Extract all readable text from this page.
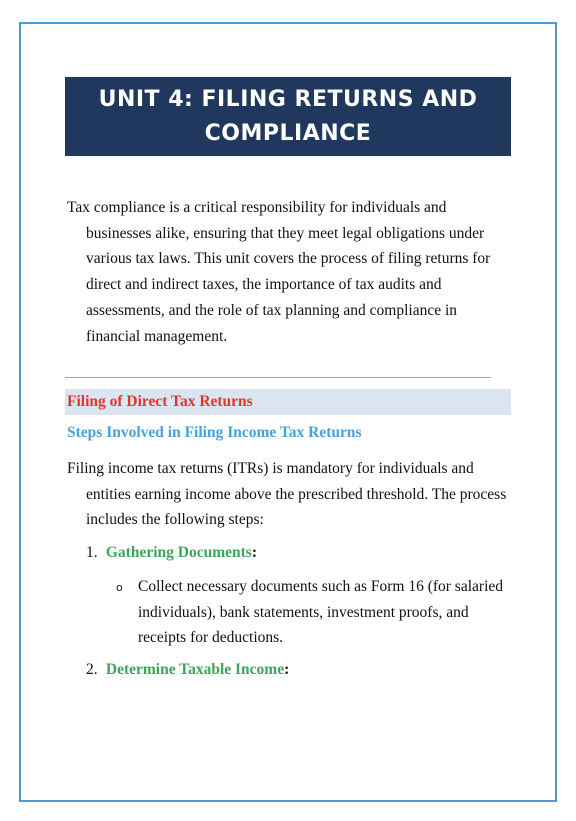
UNIT 4: FILING RETURNS AND COMPLIANCE

Tax compliance is a critical responsibility for individuals and businesses alike, ensuring that they meet legal obligations under various tax laws. This unit covers the process of filing returns for direct and indirect taxes, the importance of tax audits and assessments, and the role of tax planning and compliance in financial management.

Filing of Direct Tax Returns
Steps Involved in Filing Income Tax Returns

Filing income tax returns (ITRs) is mandatory for individuals and entities earning income above the prescribed threshold. The process includes the following steps:

1. Gathering Documents:
o Collect necessary documents such as Form 16 (for salaried individuals), bank statements, investment proofs, and receipts for deductions.
2. Determine Taxable Income:
